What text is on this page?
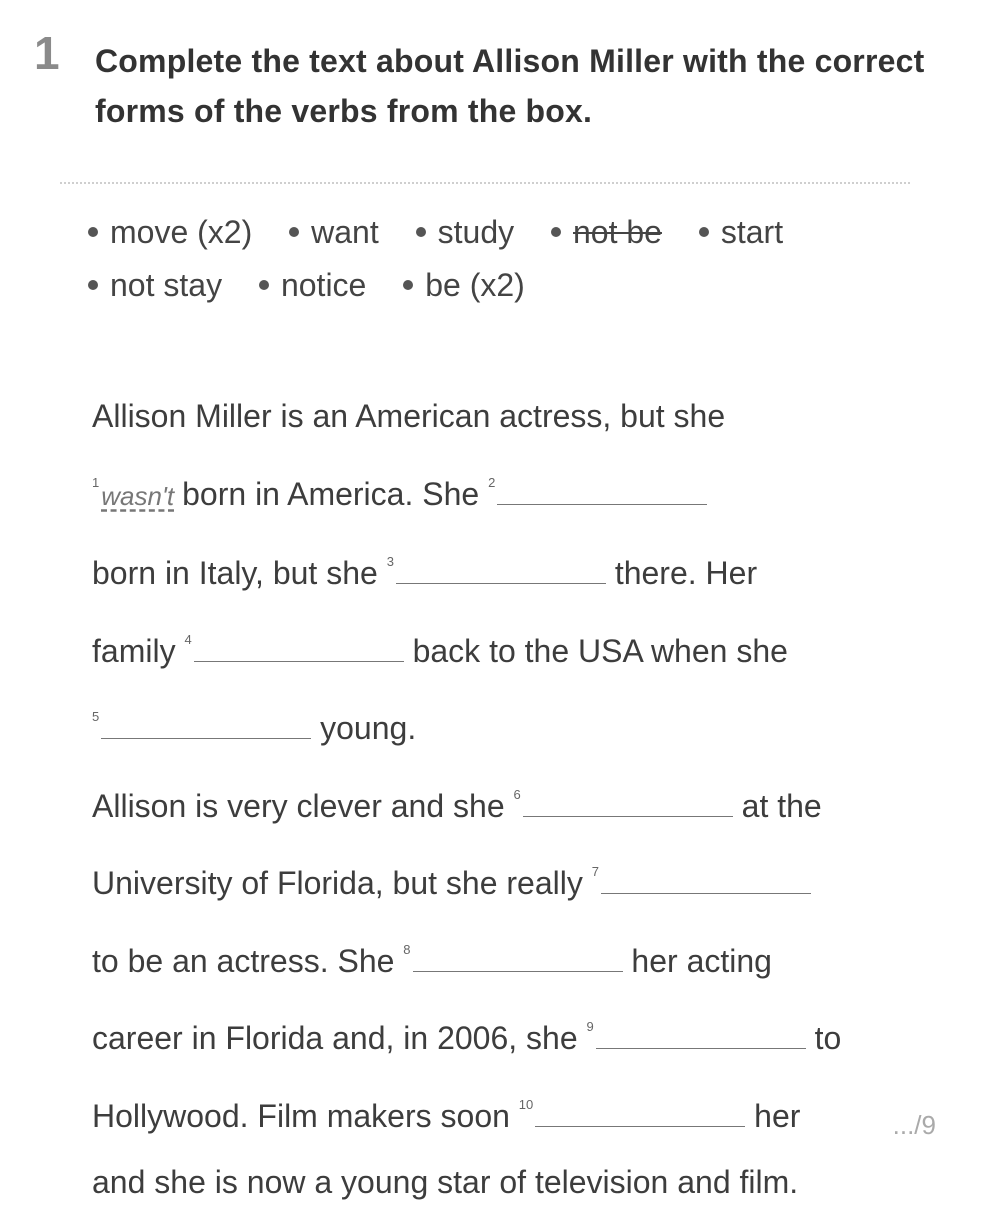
1 Complete the text about Allison Miller with the correct forms of the verbs from the box.
move (x2) want study not be start
not stay notice be (x2)
Allison Miller is an American actress, but she
$^1$wasn't born in America. She $^2$
born in Italy, but she $^3$	there. Her
family $^4$	back to the USA when she
$^5$	young.
Allison is very clever and she $^6$	at the
University of Florida, but she really $^7$
to be an actress. She $^8$	her acting
career in Florida and, in 2006, she $^9$	to
Hollywood. Film makers soon $^{10}$	her
and she is now a young star of television and film.
.../9
